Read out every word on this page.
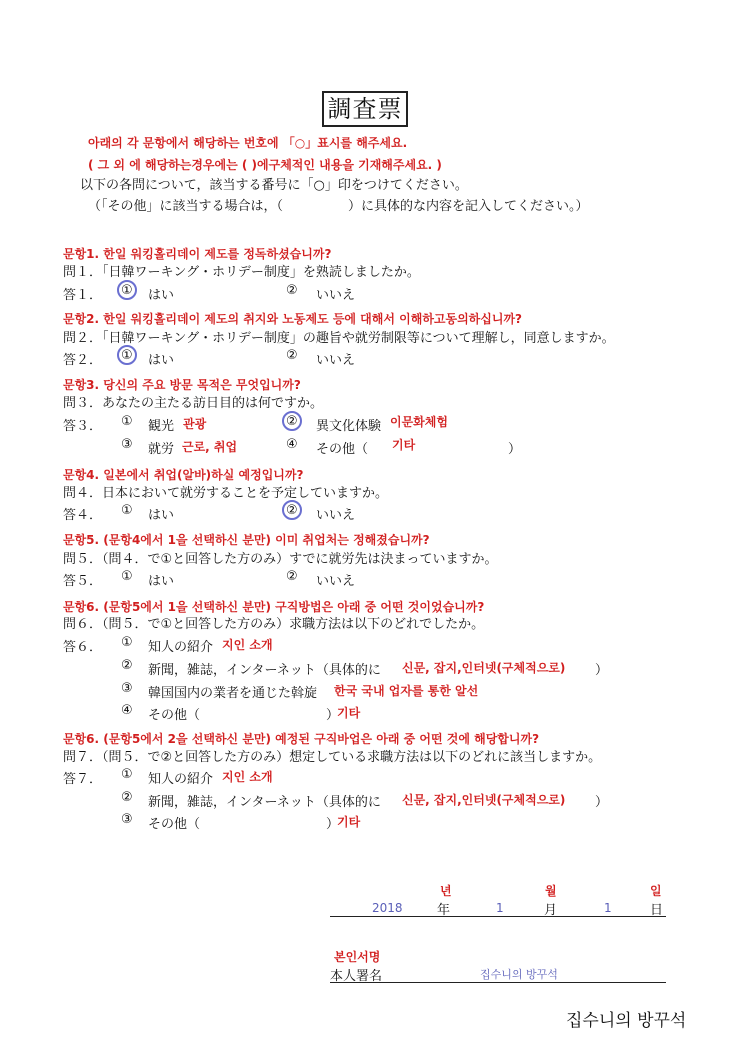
調査票
아래의 각 문항에서 해당하는 번호에 「○」표시를 해주세요.
( 그 외 에 해당하는경우에는 ( )에구체적인 내용을 기재해주세요. )
以下の各問について，該当する番号に「○」印をつけてください。
（「その他」に該当する場合は，（　　　　　）に具体的な内容を記入してください。）
문항1. 한일 워킹홀리데이 제도를 정독하셨습니까?
問１．「日韓ワーキング・ホリデー制度」を熟読しましたか。
答１． ① はい	② いいえ
문항2. 한일 워킹홀리데이 제도의 취지와 노동제도 등에 대해서 이해하고동의하십니까?
問２．「日韓ワーキング・ホリデー制度」の趣旨や就労制限等について理解し，同意しますか。
答２． ① はい	② いいえ
문항3. 당신의 주요 방문 목적은 무엇입니까?
問３．あなたの主たる訪日目的は何ですか。
答３． ① 観光 관광	② 異文化体験 이문화체험
③ 就労 근로, 취업	④ その他（ 기타	）
문항4. 일본에서 취업(알바)하실 예정입니까?
問４．日本において就労することを予定していますか。
答４． ① はい	② いいえ
문항5. (문항4에서 1을 선택하신 분만) 이미 취업처는 정해졌습니까?
問５．（問４．で①と回答した方のみ）すでに就労先は決まっていますか。
答５． ① はい	② いいえ
문항6. (문항5에서 1을 선택하신 분만) 구직방법은 아래 중 어떤 것이었습니까?
問６．（問５．で①と回答した方のみ）求職方法は以下のどれでしたか。
答６． ① 知人の紹介 지인 소개
② 新聞，雑誌，インターネット（具体的に 신문, 잡지,인터넷(구체적으로) ）
③ 韓国国内の業者を通じた斡旋 한국 국내 업자를 통한 알선
④ その他（	）
기타
문항6. (문항5에서 2을 선택하신 분만) 예정된 구직바업은 아래 중 어떤 것에 해당합니까?
問７．（問５．で②と回答した方のみ）想定している求職方法は以下のどれに該当しますか。
答７． ① 知人の紹介 지인 소개
② 新聞，雑誌，インターネット（具体的に 신문, 잡지,인터넷(구체적으로) ）
③ その他（	）
기타
년	월	일
2018	年	1	月	1	日
본인서명
本人署名	집수니의 방꾸석
집수니의 방꾸석
